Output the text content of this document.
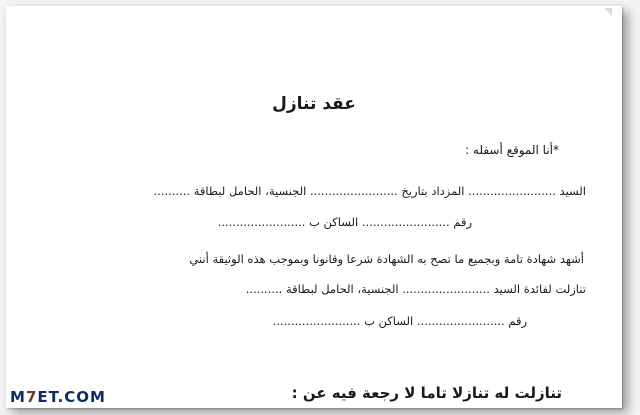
عقد تنازل
*أنا الموقع أسفله :
السيد ........................ المزداد بتاريخ ........................ الجنسية، الحامل لبطاقة ..........
رقم ........................ الساكن ب ........................
أشهد شهادة تامة وبجميع ما تصح به الشهادة شرعا وقانونا وبموجب هذه الوثيقة أنني
تنازلت لفائدة السيد ........................ الجنسية، الحامل لبطاقة ..........
رقم ........................ الساكن ب ........................
تنازلت له تنازلا تاما لا رجعة فيه عن :
M7ET.COM
